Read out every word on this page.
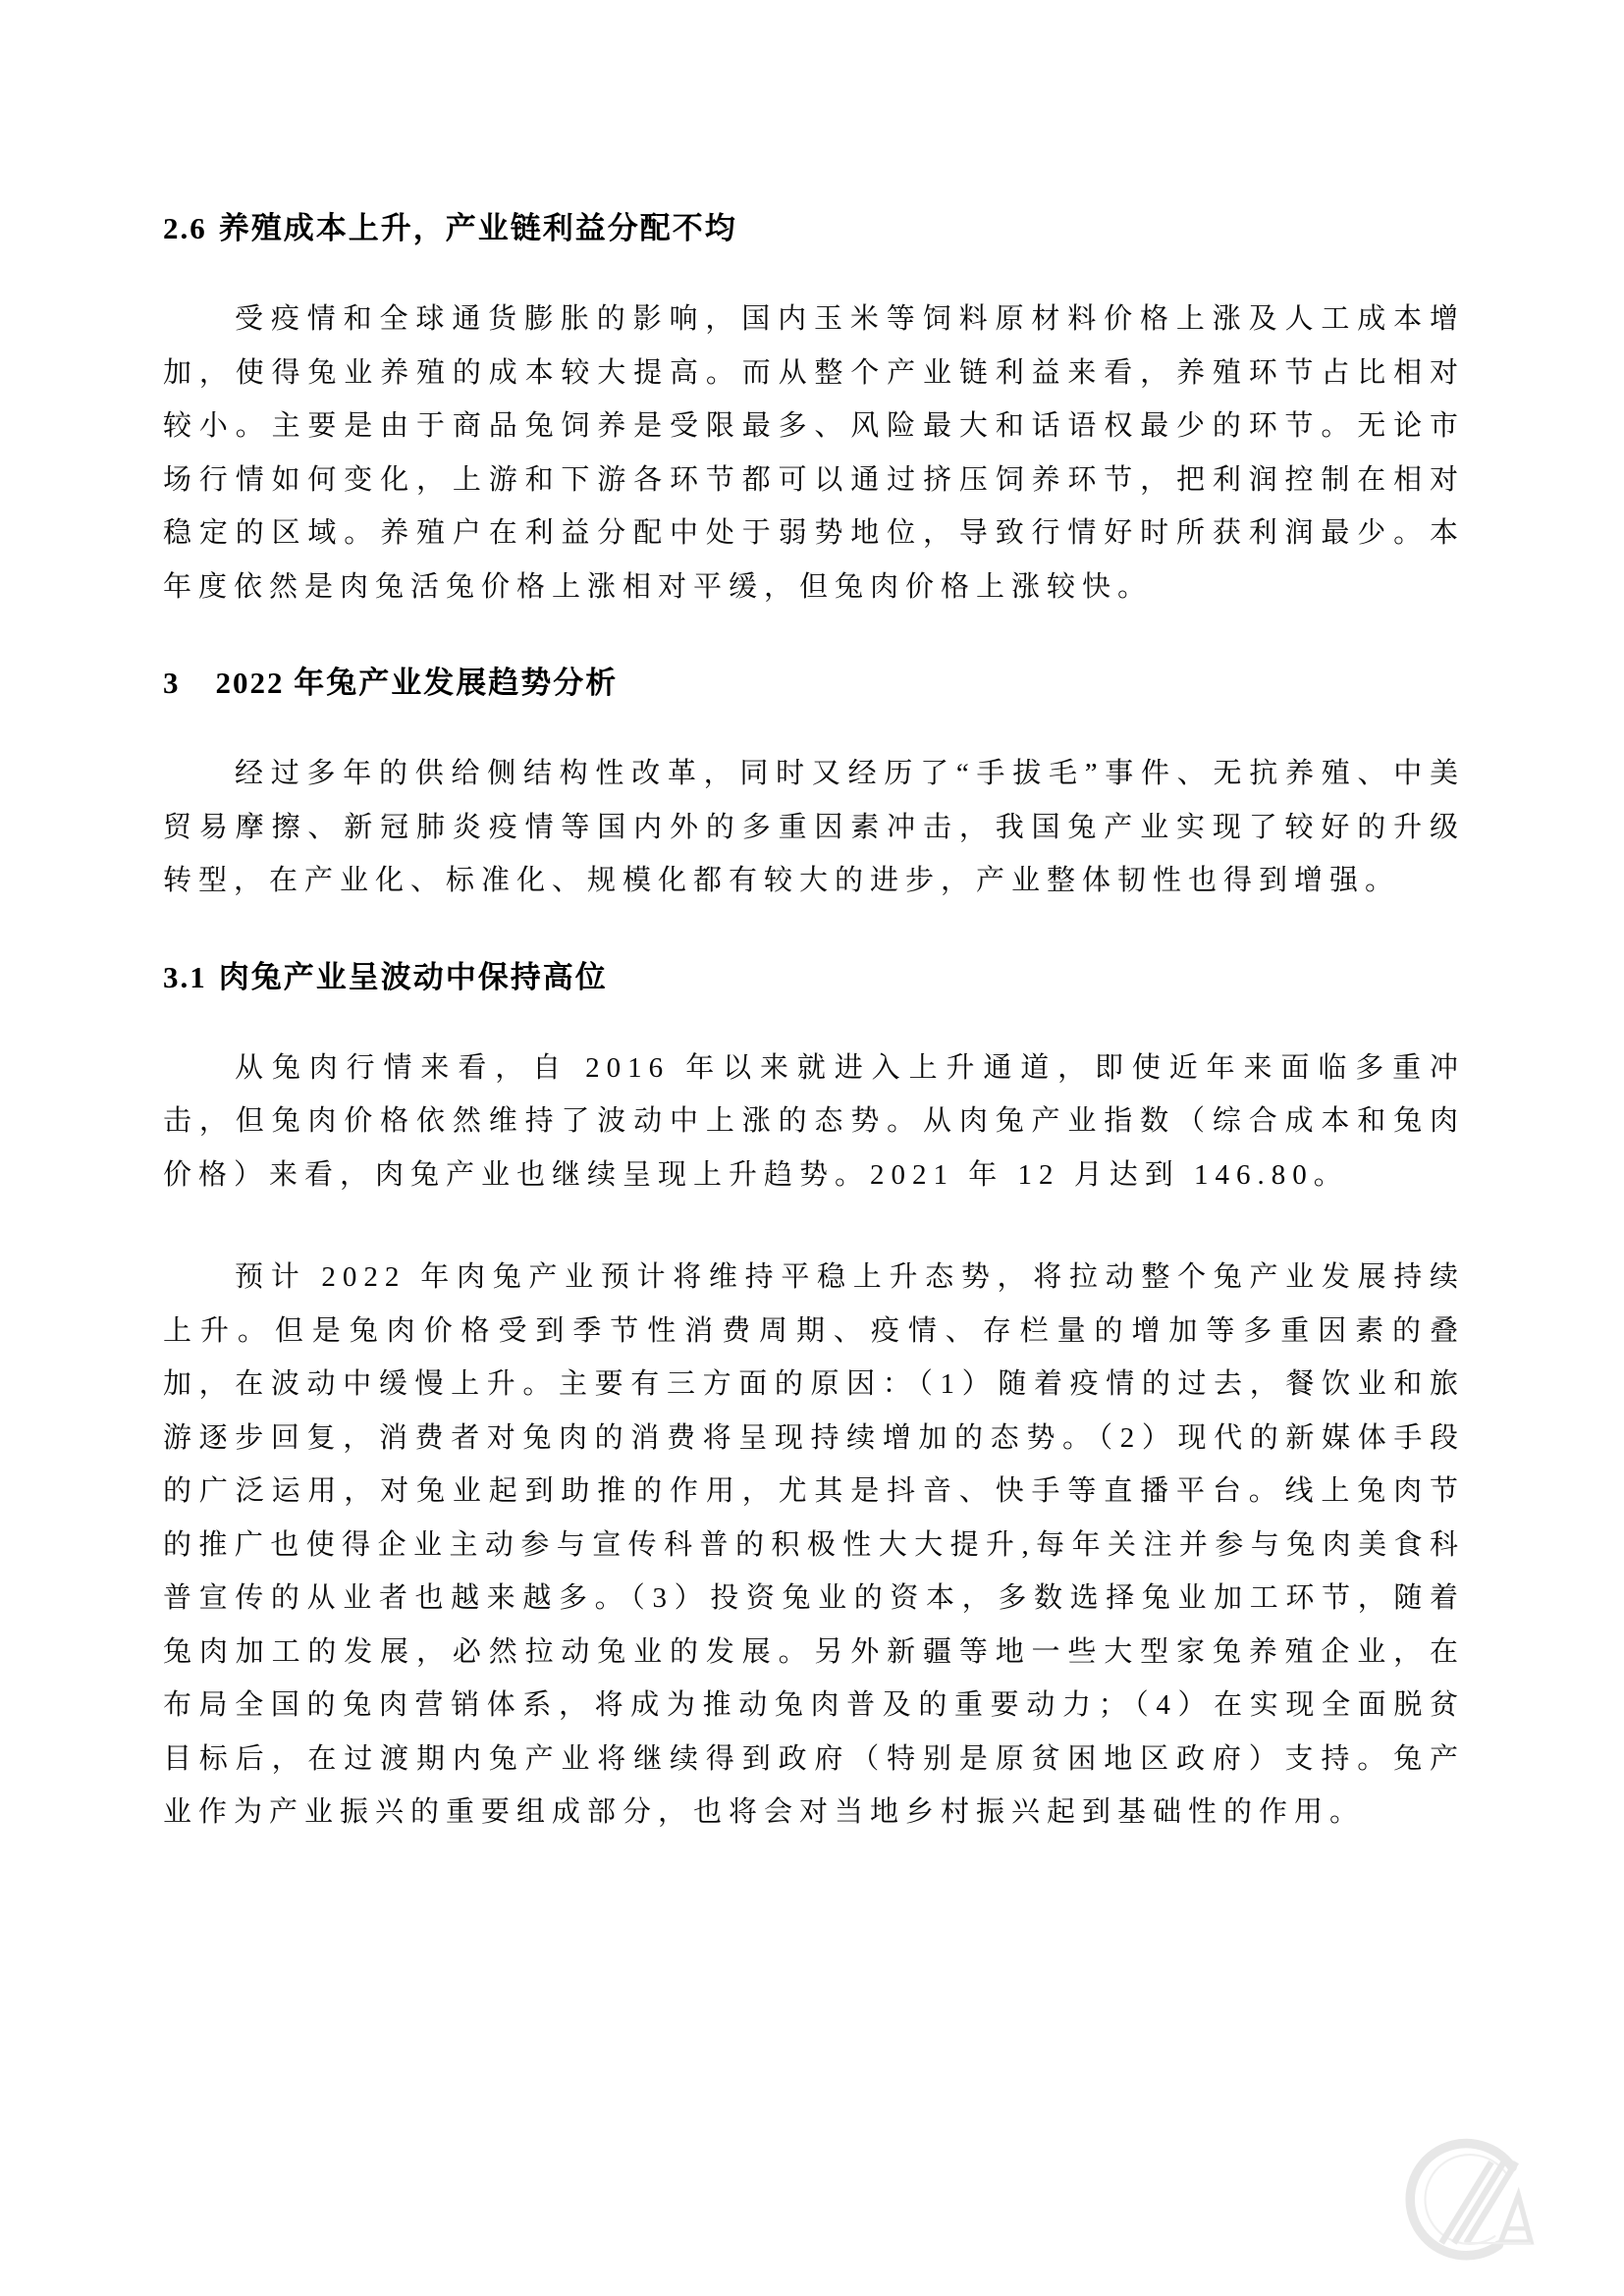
2.6 养殖成本上升，产业链利益分配不均

受疫情和全球通货膨胀的影响，国内玉米等饲料原材料价格上涨及人工成本增加，使得兔业养殖的成本较大提高。而从整个产业链利益来看，养殖环节占比相对较小。主要是由于商品兔饲养是受限最多、风险最大和话语权最少的环节。无论市场行情如何变化，上游和下游各环节都可以通过挤压饲养环节，把利润控制在相对稳定的区域。养殖户在利益分配中处于弱势地位，导致行情好时所获利润最少。本年度依然是肉兔活兔价格上涨相对平缓，但兔肉价格上涨较快。

3 2022 年兔产业发展趋势分析

经过多年的供给侧结构性改革，同时又经历了“手拔毛”事件、无抗养殖、中美贸易摩擦、新冠肺炎疫情等国内外的多重因素冲击，我国兔产业实现了较好的升级转型，在产业化、标准化、规模化都有较大的进步，产业整体韧性也得到增强。

3.1 肉兔产业呈波动中保持高位

从兔肉行情来看，自 2016 年以来就进入上升通道，即使近年来面临多重冲击，但兔肉价格依然维持了波动中上涨的态势。从肉兔产业指数（综合成本和兔肉价格）来看，肉兔产业也继续呈现上升趋势。2021 年 12 月达到 146.80。

预计 2022 年肉兔产业预计将维持平稳上升态势，将拉动整个兔产业发展持续上升。但是兔肉价格受到季节性消费周期、疫情、存栏量的增加等多重因素的叠加，在波动中缓慢上升。主要有三方面的原因：（1）随着疫情的过去，餐饮业和旅游逐步回复，消费者对兔肉的消费将呈现持续增加的态势。（2）现代的新媒体手段的广泛运用，对兔业起到助推的作用，尤其是抖音、快手等直播平台。线上兔肉节的推广也使得企业主动参与宣传科普的积极性大大提升,每年关注并参与兔肉美食科普宣传的从业者也越来越多。（3）投资兔业的资本，多数选择兔业加工环节，随着兔肉加工的发展，必然拉动兔业的发展。另外新疆等地一些大型家兔养殖企业，在布局全国的兔肉营销体系，将成为推动兔肉普及的重要动力；（4）在实现全面脱贫目标后，在过渡期内兔产业将继续得到政府（特别是原贫困地区政府）支持。兔产业作为产业振兴的重要组成部分，也将会对当地乡村振兴起到基础性的作用。
